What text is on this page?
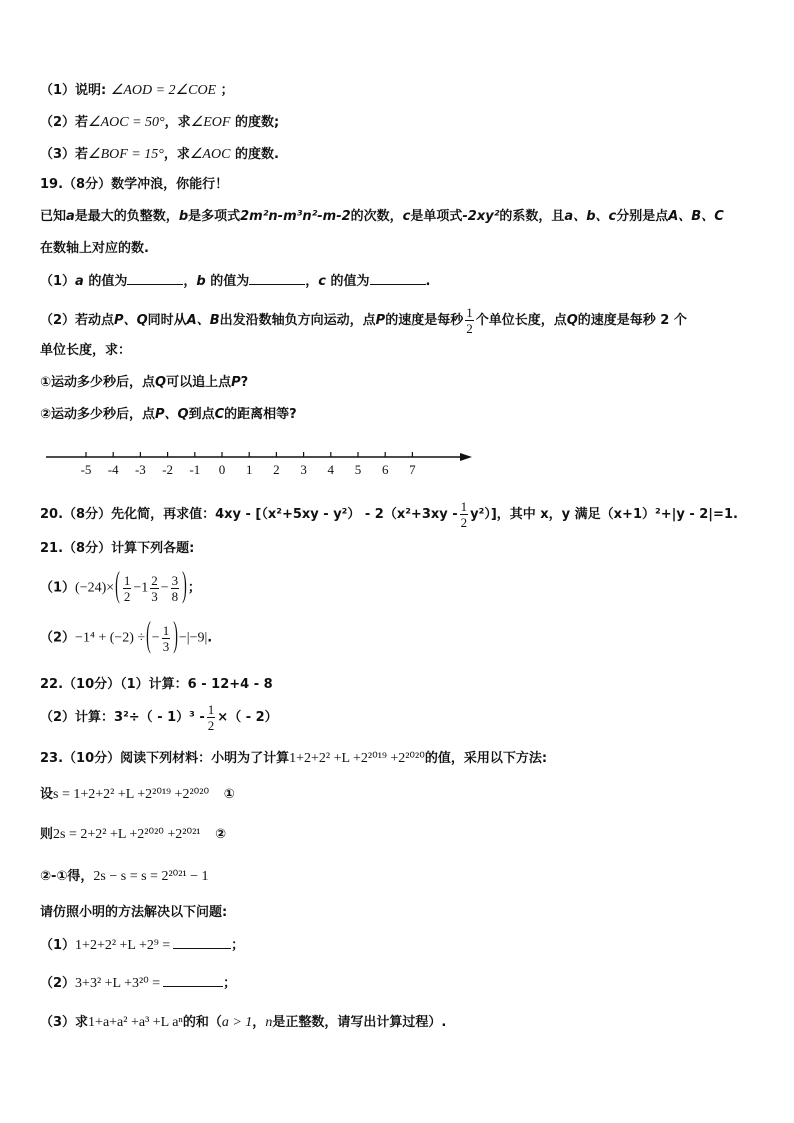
（1）说明: ∠AOD = 2∠COE ；
（2）若∠AOC = 50°，求∠EOF 的度数;
（3）若∠BOF = 15°，求∠AOC 的度数.
19.（8分）数学冲浪，你能行！
已知a是最大的负整数，b是多项式2m²n-m³n²-m-2的次数，c是单项式-2xy²的系数，且a、b、c分别是点A、B、C
在数轴上对应的数.
（1）a 的值为	，b 的值为	，c 的值为	.
（2）若动点P、Q同时从A、B出发沿数轴负方向运动，点P的速度是每秒 $\frac{1}{2}$ 个单位长度，点Q的速度是每秒 2 个
单位长度，求：
①运动多少秒后，点Q可以追上点P?
②运动多少秒后，点P、Q到点C的距离相等?
-5 -4 -3 -2 -1 0 1 2 3 4 5 6 7
20.（8分）先化简，再求值：$4xy - [(x^2+5xy - y^2) - 2(x^2+3xy - \frac{1}{2} y^2)]$，其中 x，y 满足（x+1）²+|y - 2|=1.
21.（8分）计算下列各题:
$(1)(-24)\times( \frac{1}{2} -1 \frac{2}{3} - \frac{3}{8}$ )；
（2）−1⁴ + (−2) ÷(− $\frac{1}{3} )-|-9|$.
22.（10分）（1）计算：6 - 12+4 - 8
（2）计算：$3^2\div( - 1)^3 - \frac{1}{2}$ ×（ - 2）
23.（10分）阅读下列材料：小明为了计算1+2+2² +L +2²⁰¹⁹ +2²⁰²⁰的值，采用以下方法:
设s = 1+2+2² +L +2²⁰¹⁹ +2²⁰²⁰ ①
则2s = 2+2² +L +2²⁰²⁰ +2²⁰²¹ ②
②-①得，2s − s = s = 2²⁰²¹ − 1
请仿照小明的方法解决以下问题:
（1）1+2+2² +L +2⁹ =	；
（2）3+3² +L +3²⁰ =	；
（3）求1+a+a² +a³ +L aⁿ的和（a > 1，n是正整数，请写出计算过程）.
